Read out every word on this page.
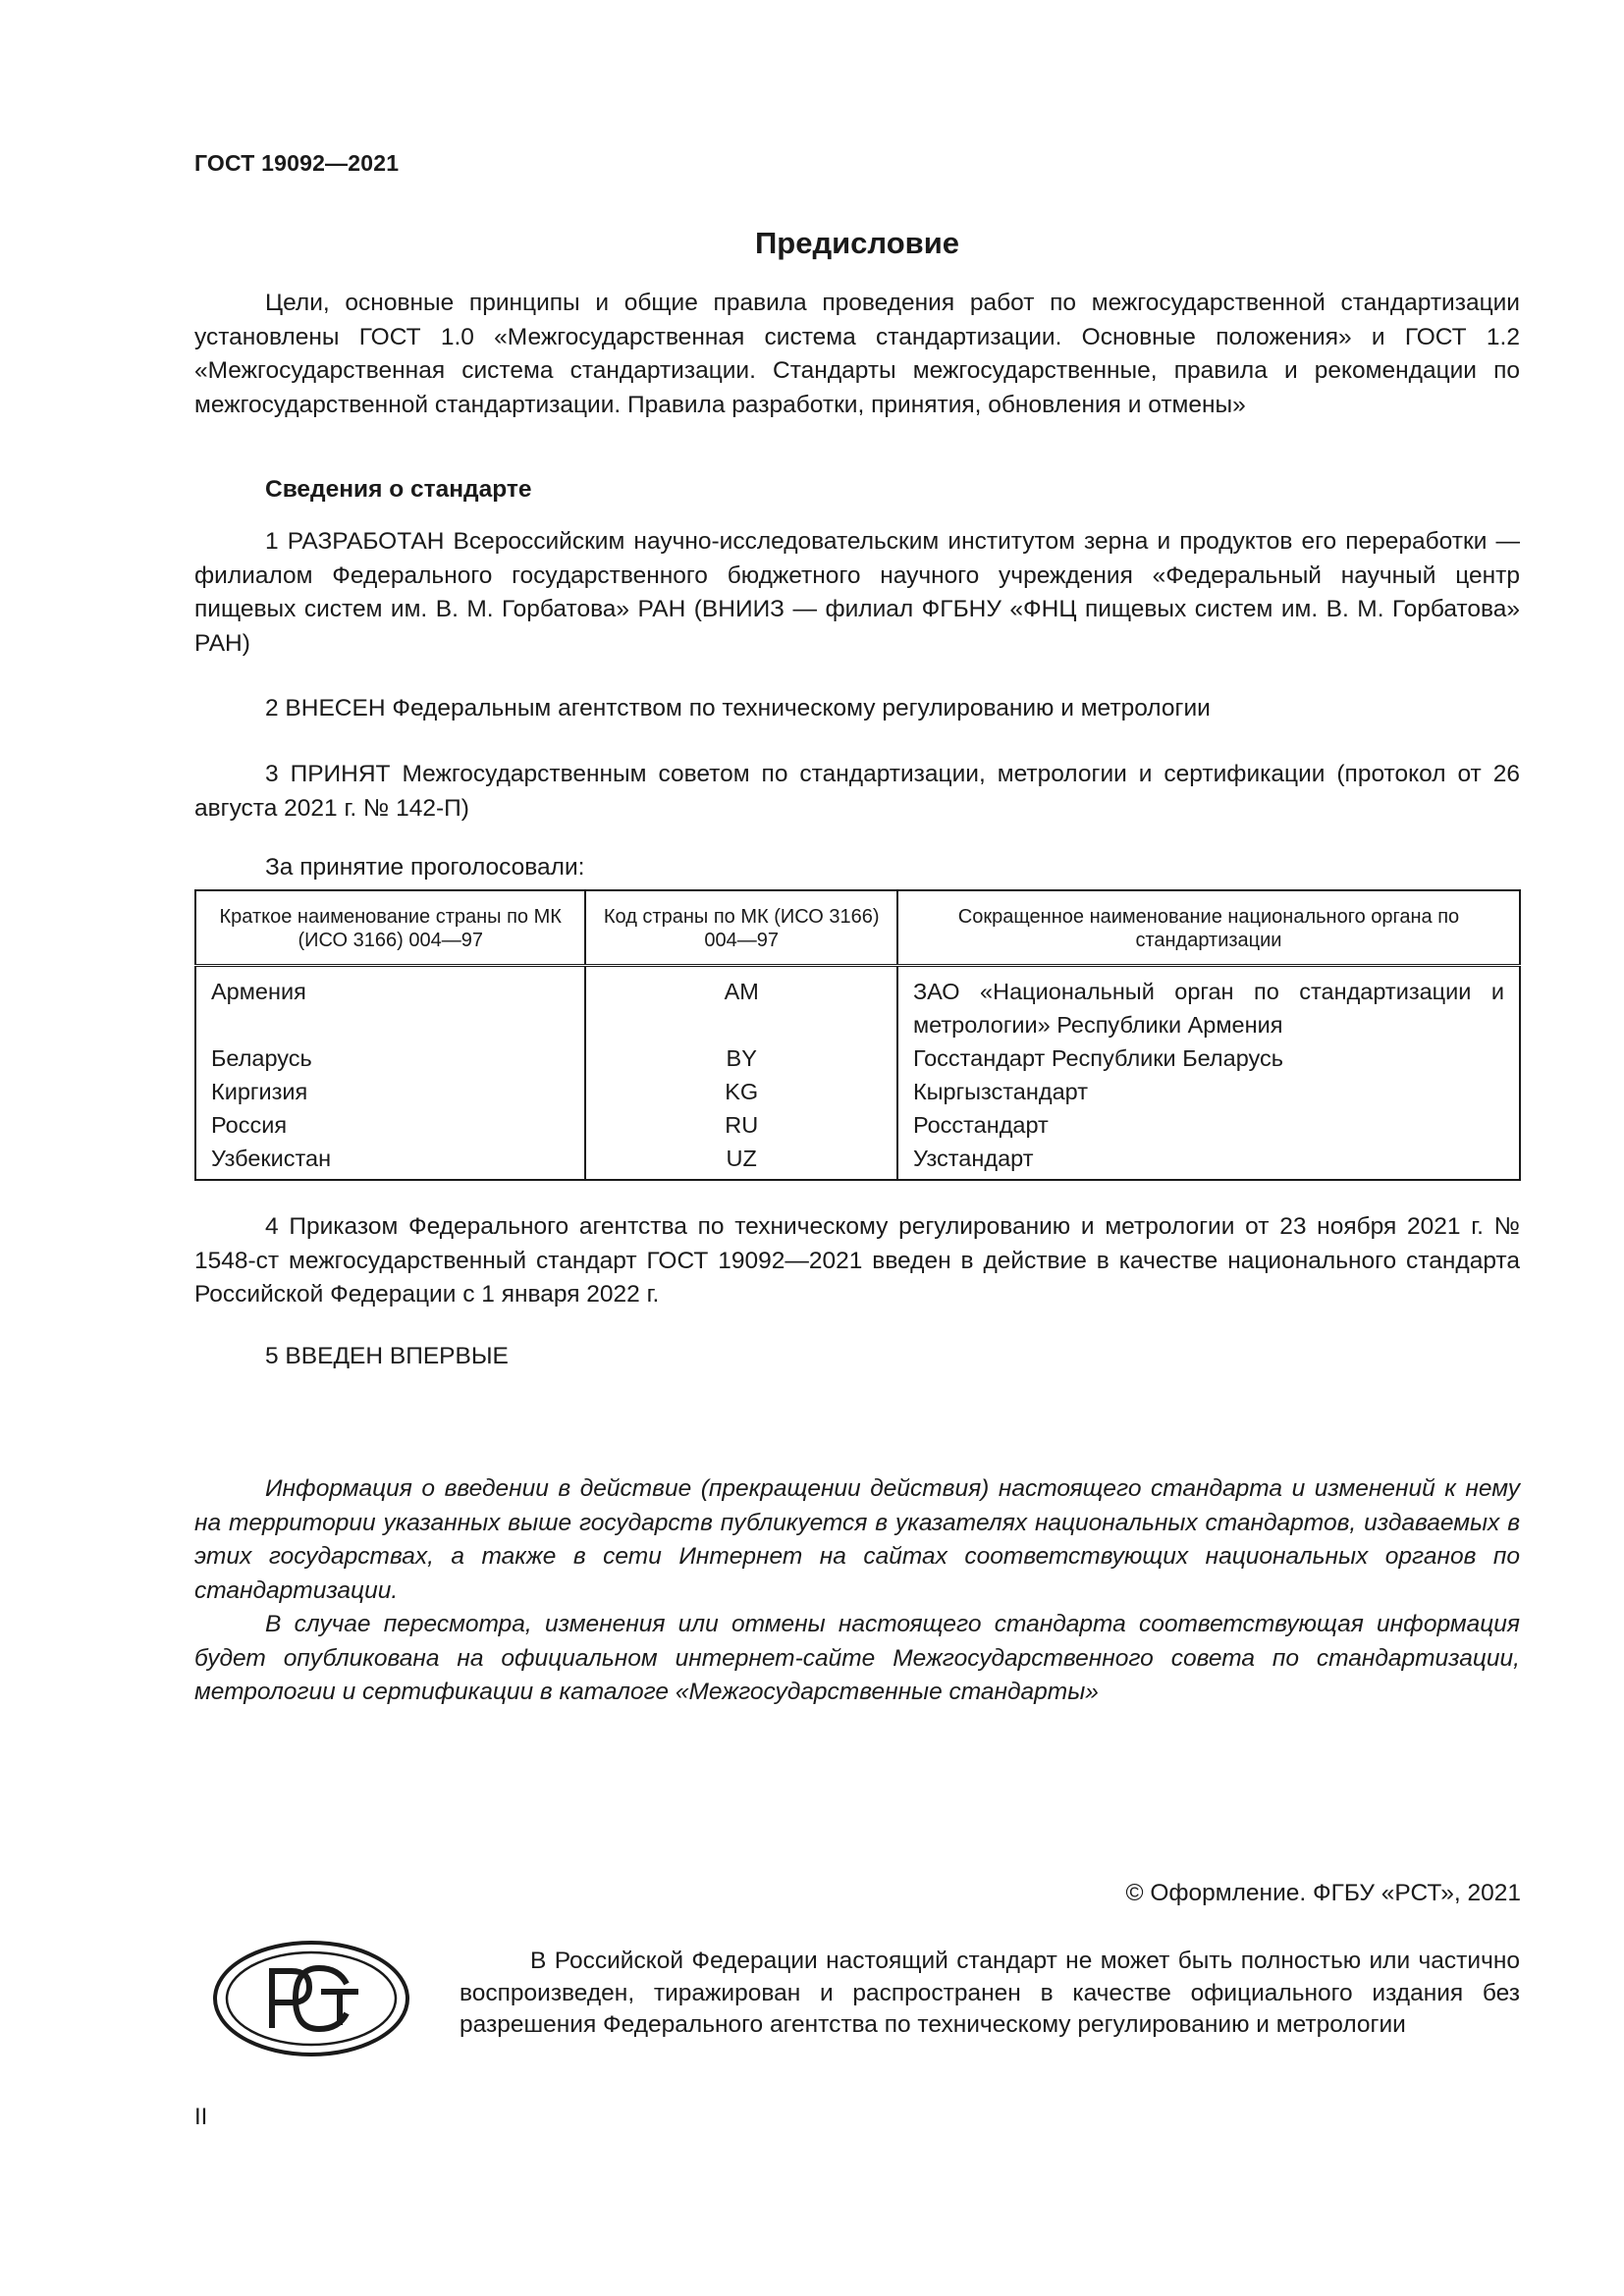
ГОСТ 19092—2021
Предисловие

Цели, основные принципы и общие правила проведения работ по межгосударственной стандартизации установлены ГОСТ 1.0 «Межгосударственная система стандартизации. Основные положения» и ГОСТ 1.2 «Межгосударственная система стандартизации. Стандарты межгосударственные, правила и рекомендации по межгосударственной стандартизации. Правила разработки, принятия, обновления и отмены»

Сведения о стандарте

1 РАЗРАБОТАН Всероссийским научно-исследовательским институтом зерна и продуктов его переработки — филиалом Федерального государственного бюджетного научного учреждения «Федеральный научный центр пищевых систем им. В. М. Горбатова» РАН (ВНИИЗ — филиал ФГБНУ «ФНЦ пищевых систем им. В. М. Горбатова» РАН)

2 ВНЕСЕН Федеральным агентством по техническому регулированию и метрологии

3 ПРИНЯТ Межгосударственным советом по стандартизации, метрологии и сертификации (протокол от 26 августа 2021 г. № 142-П)

За принятие проголосовали:
Краткое наименование страны по МК (ИСО 3166) 004—97	Код страны по МК (ИСО 3166) 004—97	Сокращенное наименование национального органа по стандартизации
Армения	AM	ЗАО «Национальный орган по стандартизации и метрологии» Республики Армения
Беларусь	BY	Госстандарт Республики Беларусь
Киргизия	KG	Кыргызстандарт
Россия	RU	Росстандарт
Узбекистан	UZ	Узстандарт

4 Приказом Федерального агентства по техническому регулированию и метрологии от 23 ноября 2021 г. № 1548-ст межгосударственный стандарт ГОСТ 19092—2021 введен в действие в качестве национального стандарта Российской Федерации с 1 января 2022 г.

5 ВВЕДЕН ВПЕРВЫЕ

Информация о введении в действие (прекращении действия) настоящего стандарта и изменений к нему на территории указанных выше государств публикуется в указателях национальных стандартов, издаваемых в этих государствах, а также в сети Интернет на сайтах соответствующих национальных органов по стандартизации.

В случае пересмотра, изменения или отмены настоящего стандарта соответствующая информация будет опубликована на официальном интернет-сайте Межгосударственного совета по стандартизации, метрологии и сертификации в каталоге «Межгосударственные стандарты»

© Оформление. ФГБУ «РСТ», 2021

В Российской Федерации настоящий стандарт не может быть полностью или частично воспроизведен, тиражирован и распространен в качестве официального издания без разрешения Федерального агентства по техническому регулированию и метрологии

II
